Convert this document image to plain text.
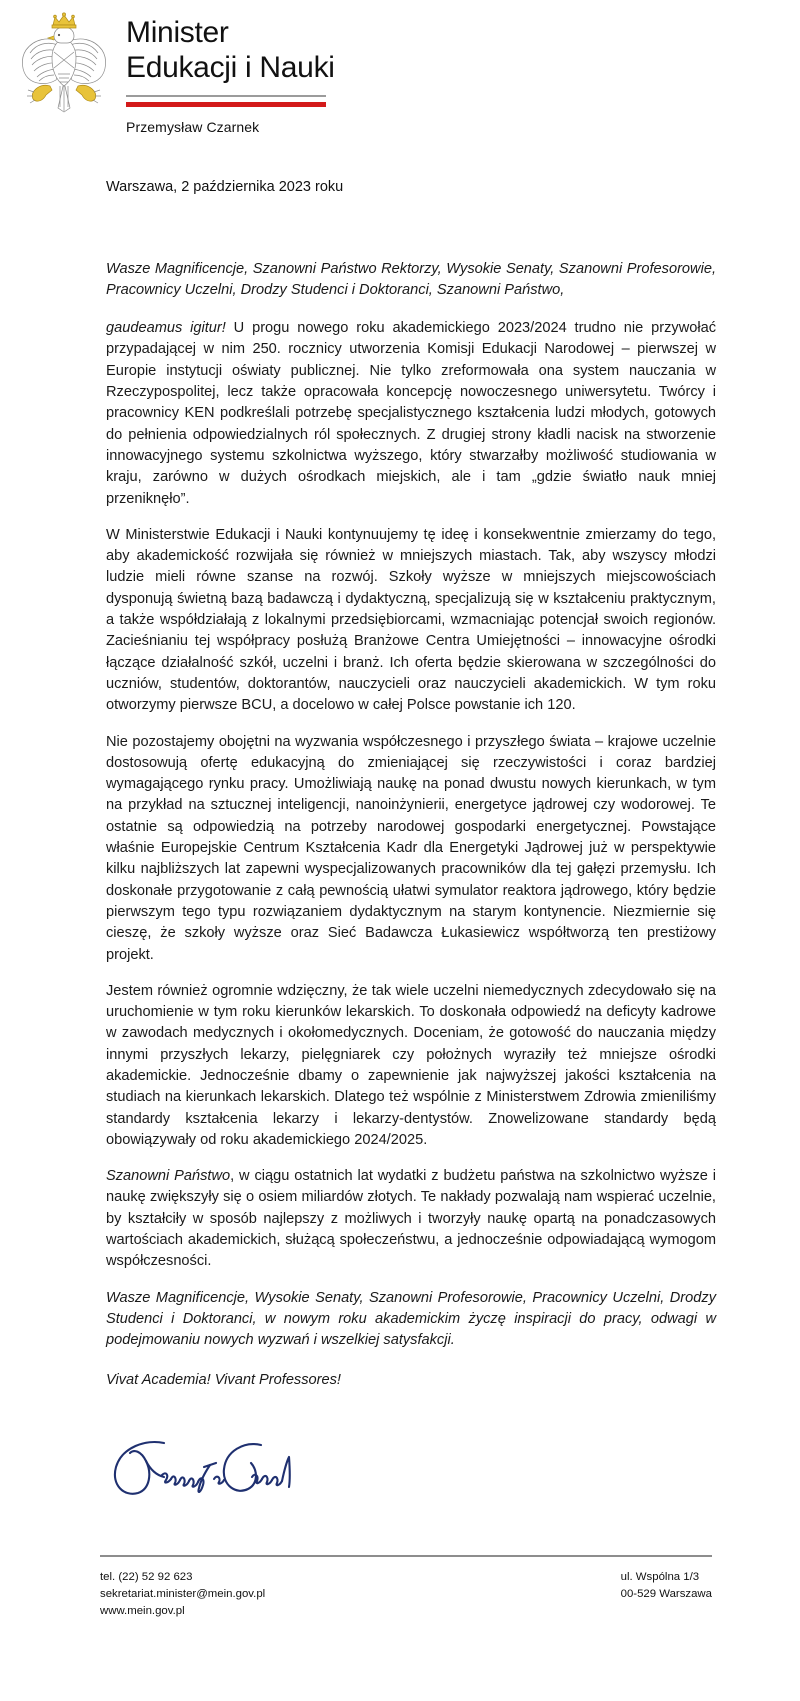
Minister
Edukacji i Nauki
Przemysław Czarnek
Warszawa, 2 października 2023 roku

Wasze Magnificencje, Szanowni Państwo Rektorzy, Wysokie Senaty, Szanowni Profesorowie, Pracownicy Uczelni, Drodzy Studenci i Doktoranci, Szanowni Państwo,

gaudeamus igitur! U progu nowego roku akademickiego 2023/2024 trudno nie przywołać przypadającej w nim 250. rocznicy utworzenia Komisji Edukacji Narodowej – pierwszej w Europie instytucji oświaty publicznej. Nie tylko zreformowała ona system nauczania w Rzeczypospolitej, lecz także opracowała koncepcję nowoczesnego uniwersytetu. Twórcy i pracownicy KEN podkreślali potrzebę specjalistycznego kształcenia ludzi młodych, gotowych do pełnienia odpowiedzialnych ról społecznych. Z drugiej strony kładli nacisk na stworzenie innowacyjnego systemu szkolnictwa wyższego, który stwarzałby możliwość studiowania w kraju, zarówno w dużych ośrodkach miejskich, ale i tam „gdzie światło nauk mniej przeniknęło”.

W Ministerstwie Edukacji i Nauki kontynuujemy tę ideę i konsekwentnie zmierzamy do tego, aby akademickość rozwijała się również w mniejszych miastach. Tak, aby wszyscy młodzi ludzie mieli równe szanse na rozwój. Szkoły wyższe w mniejszych miejscowościach dysponują świetną bazą badawczą i dydaktyczną, specjalizują się w kształceniu praktycznym, a także współdziałają z lokalnymi przedsiębiorcami, wzmacniając potencjał swoich regionów. Zacieśnianiu tej współpracy posłużą Branżowe Centra Umiejętności – innowacyjne ośrodki łączące działalność szkół, uczelni i branż. Ich oferta będzie skierowana w szczególności do uczniów, studentów, doktorantów, nauczycieli oraz nauczycieli akademickich. W tym roku otworzymy pierwsze BCU, a docelowo w całej Polsce powstanie ich 120.

Nie pozostajemy obojętni na wyzwania współczesnego i przyszłego świata – krajowe uczelnie dostosowują ofertę edukacyjną do zmieniającej się rzeczywistości i coraz bardziej wymagającego rynku pracy. Umożliwiają naukę na ponad dwustu nowych kierunkach, w tym na przykład na sztucznej inteligencji, nanoinżynierii, energetyce jądrowej czy wodorowej. Te ostatnie są odpowiedzią na potrzeby narodowej gospodarki energetycznej. Powstające właśnie Europejskie Centrum Kształcenia Kadr dla Energetyki Jądrowej już w perspektywie kilku najbliższych lat zapewni wyspecjalizowanych pracowników dla tej gałęzi przemysłu. Ich doskonałe przygotowanie z całą pewnością ułatwi symulator reaktora jądrowego, który będzie pierwszym tego typu rozwiązaniem dydaktycznym na starym kontynencie. Niezmiernie się cieszę, że szkoły wyższe oraz Sieć Badawcza Łukasiewicz współtworzą ten prestiżowy projekt.

Jestem również ogromnie wdzięczny, że tak wiele uczelni niemedycznych zdecydowało się na uruchomienie w tym roku kierunków lekarskich. To doskonała odpowiedź na deficyty kadrowe w zawodach medycznych i okołomedycznych. Doceniam, że gotowość do nauczania między innymi przyszłych lekarzy, pielęgniarek czy położnych wyraziły też mniejsze ośrodki akademickie. Jednocześnie dbamy o zapewnienie jak najwyższej jakości kształcenia na studiach na kierunkach lekarskich. Dlatego też wspólnie z Ministerstwem Zdrowia zmieniliśmy standardy kształcenia lekarzy i lekarzy-dentystów. Znowelizowane standardy będą obowiązywały od roku akademickiego 2024/2025.

Szanowni Państwo, w ciągu ostatnich lat wydatki z budżetu państwa na szkolnictwo wyższe i naukę zwiększyły się o osiem miliardów złotych. Te nakłady pozwalają nam wspierać uczelnie, by kształciły w sposób najlepszy z możliwych i tworzyły naukę opartą na ponadczasowych wartościach akademickich, służącą społeczeństwu, a jednocześnie odpowiadającą wymogom współczesności.

Wasze Magnificencje, Wysokie Senaty, Szanowni Profesorowie, Pracownicy Uczelni, Drodzy Studenci i Doktoranci, w nowym roku akademickim życzę inspiracji do pracy, odwagi w podejmowaniu nowych wyzwań i wszelkiej satysfakcji.

Vivat Academia! Vivant Professores!

tel. (22) 52 92 623
sekretariat.minister@mein.gov.pl
www.mein.gov.pl
ul. Wspólna 1/3
00-529 Warszawa
